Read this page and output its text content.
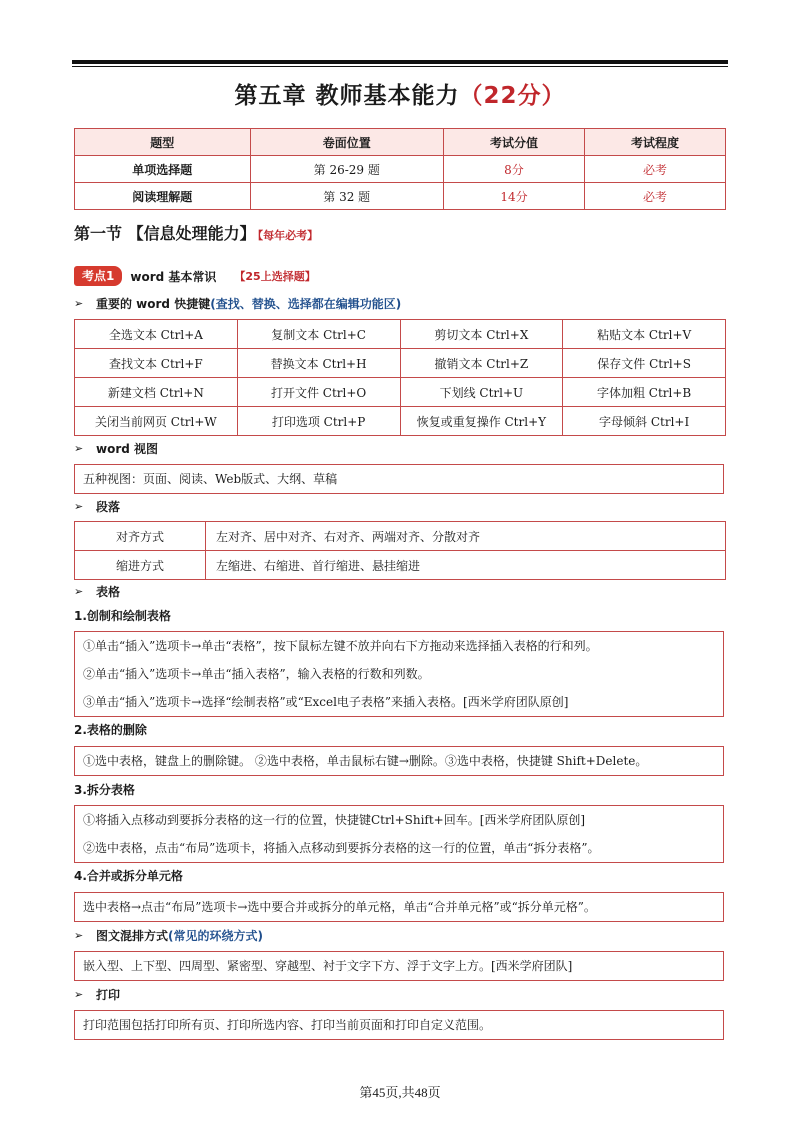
第五章 教师基本能力（22分）
题型	卷面位置	考试分值	考试程度
单项选择题	第 26-29 题	8分	必考
阅读理解题	第 32 题	14分	必考
第一节 【信息处理能力】 【每年必考】
考点1	word 基本常识 【25上选择题】
➢	重要的 word 快捷键 (查找、替换、选择都在编辑功能区)
全选文本 Ctrl+A	复制文本 Ctrl+C	剪切文本 Ctrl+X	粘贴文本 Ctrl+V
查找文本 Ctrl+F	替换文本 Ctrl+H	撤销文本 Ctrl+Z	保存文件 Ctrl+S
新建文档 Ctrl+N	打开文件 Ctrl+O	下划线 Ctrl+U	字体加粗 Ctrl+B
关闭当前网页 Ctrl+W	打印选项 Ctrl+P	恢复或重复操作 Ctrl+Y	字母倾斜 Ctrl+I
➢	word 视图
五种视图：页面、阅读、Web版式、大纲、草稿
➢	段落
对齐方式	左对齐、居中对齐、右对齐、两端对齐、分散对齐
缩进方式	左缩进、右缩进、首行缩进、悬挂缩进
➢	表格
1.创制和绘制表格
①单击“插入”选项卡→单击“表格”，按下鼠标左键不放并向右下方拖动来选择插入表格的行和列。
②单击“插入”选项卡→单击“插入表格”，输入表格的行数和列数。
③单击“插入”选项卡→选择“绘制表格”或“Excel电子表格”来插入表格。[西米学府团队原创]
2.表格的删除
①选中表格，键盘上的删除键。 ②选中表格，单击鼠标右键→删除。③选中表格，快捷键 Shift+Delete。
3.拆分表格
①将插入点移动到要拆分表格的这一行的位置，快捷键Ctrl+Shift+回车。[西米学府团队原创]
②选中表格，点击“布局”选项卡，将插入点移动到要拆分表格的这一行的位置，单击“拆分表格”。
4.合并或拆分单元格
选中表格→点击“布局”选项卡→选中要合并或拆分的单元格，单击“合并单元格”或“拆分单元格”。
➢	图文混排方式 (常见的环绕方式)
嵌入型、上下型、四周型、紧密型、穿越型、衬于文字下方、浮于文字上方。[西米学府团队]
➢	打印
打印范围包括打印所有页、打印所选内容、打印当前页面和打印自定义范围。
第45页,共48页
